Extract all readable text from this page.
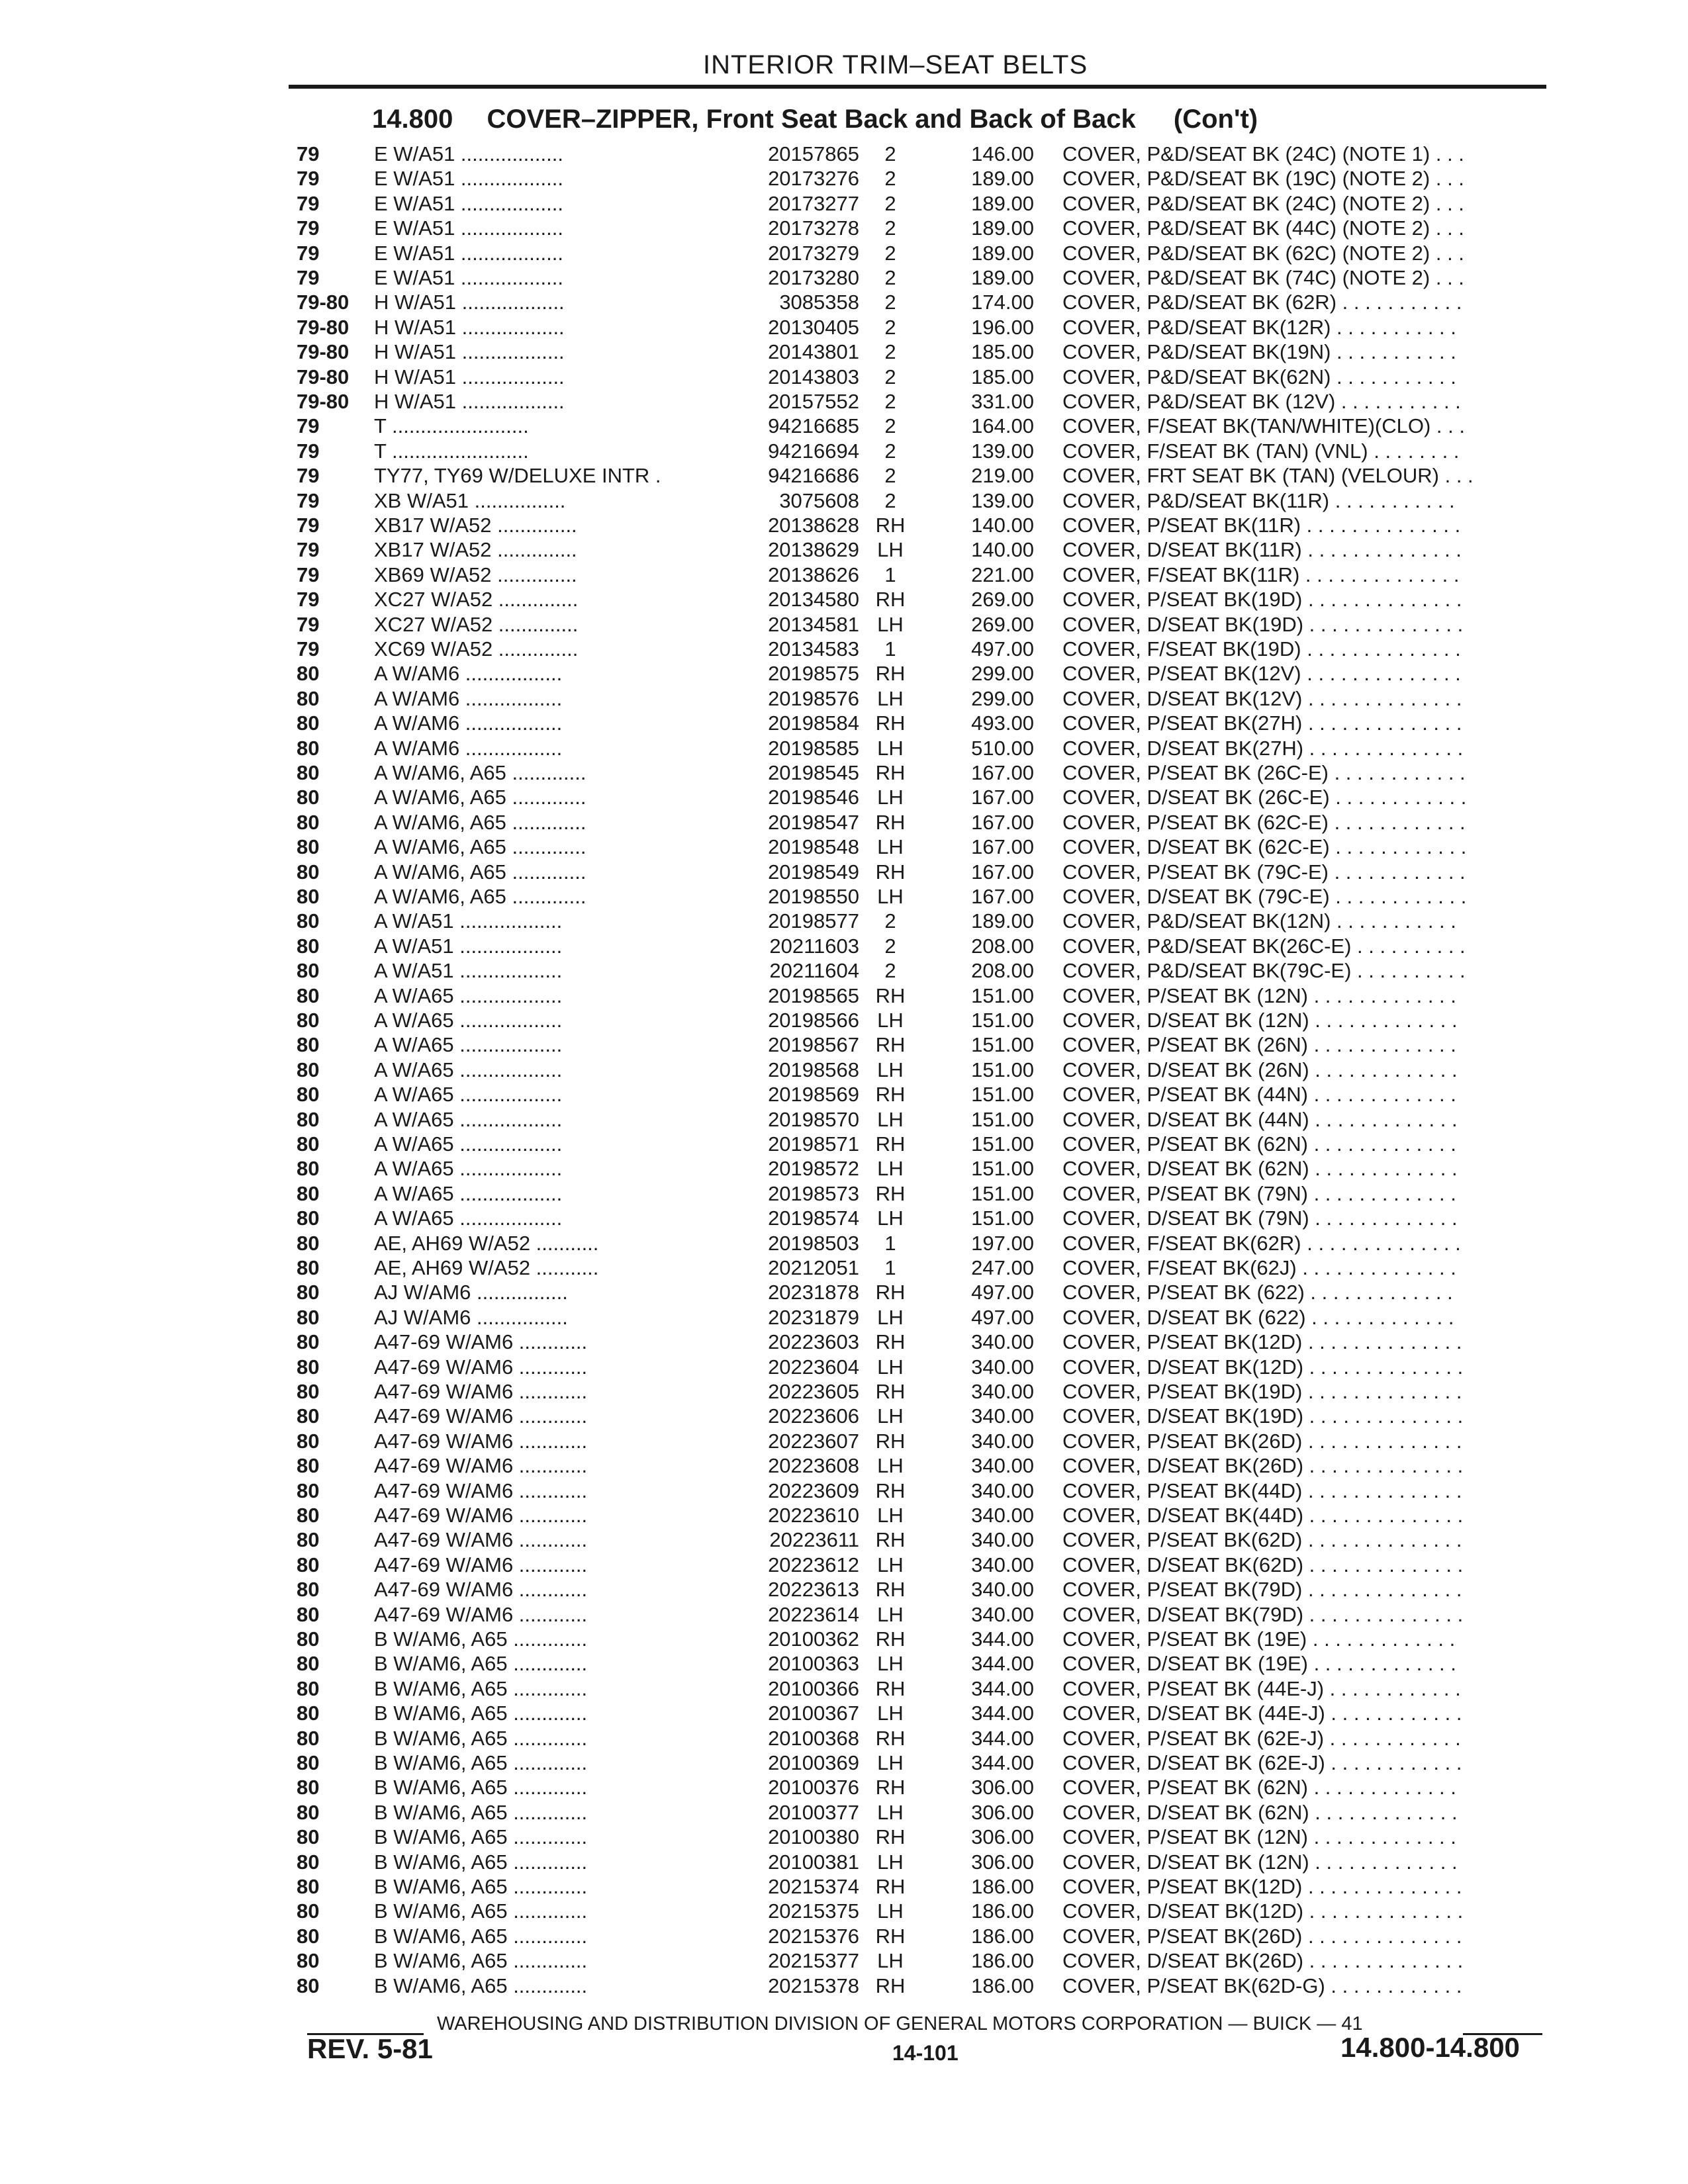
INTERIOR TRIM–SEAT BELTS
14.800 COVER–ZIPPER, Front Seat Back and Back of Back (Con't)
79	E W/A51 ..................	20157865	2	146.00 COVER, P&D/SEAT BK (24C) (NOTE 1) . . .
79	E W/A51 ..................	20173276	2	189.00 COVER, P&D/SEAT BK (19C) (NOTE 2) . . .
79	E W/A51 ..................	20173277	2	189.00 COVER, P&D/SEAT BK (24C) (NOTE 2) . . .
79	E W/A51 ..................	20173278	2	189.00 COVER, P&D/SEAT BK (44C) (NOTE 2) . . .
79	E W/A51 ..................	20173279	2	189.00 COVER, P&D/SEAT BK (62C) (NOTE 2) . . .
79	E W/A51 ..................	20173280	2	189.00 COVER, P&D/SEAT BK (74C) (NOTE 2) . . .
79-80 H W/A51 ..................	3085358	2	174.00 COVER, P&D/SEAT BK (62R) . . . . . . . . . . .
79-80 H W/A51 ..................	20130405	2	196.00 COVER, P&D/SEAT BK(12R) . . . . . . . . . . .
79-80 H W/A51 ..................	20143801	2	185.00 COVER, P&D/SEAT BK(19N) . . . . . . . . . . .
79-80 H W/A51 ..................	20143803	2	185.00 COVER, P&D/SEAT BK(62N) . . . . . . . . . . .
79-80 H W/A51 ..................	20157552	2	331.00 COVER, P&D/SEAT BK (12V) . . . . . . . . . . .
79	T ........................	94216685	2	164.00 COVER, F/SEAT BK(TAN/WHITE)(CLO) . . .
79	T ........................	94216694	2	139.00 COVER, F/SEAT BK (TAN) (VNL) . . . . . . . .
79	TY77, TY69 W/DELUXE INTR .	94216686	2	219.00 COVER, FRT SEAT BK (TAN) (VELOUR) . . .
79	XB W/A51 ................	3075608	2	139.00 COVER, P&D/SEAT BK(11R) . . . . . . . . . . .
79	XB17 W/A52 ..............	20138628 RH	140.00 COVER, P/SEAT BK(11R) . . . . . . . . . . . . . .
79	XB17 W/A52 ..............	20138629 LH	140.00 COVER, D/SEAT BK(11R) . . . . . . . . . . . . . .
79	XB69 W/A52 ..............	20138626	1	221.00 COVER, F/SEAT BK(11R) . . . . . . . . . . . . . .
79	XC27 W/A52 ..............	20134580 RH	269.00 COVER, P/SEAT BK(19D) . . . . . . . . . . . . . .
79	XC27 W/A52 ..............	20134581 LH	269.00 COVER, D/SEAT BK(19D) . . . . . . . . . . . . . .
79	XC69 W/A52 ..............	20134583	1	497.00 COVER, F/SEAT BK(19D) . . . . . . . . . . . . . .
80	A W/AM6 .................	20198575 RH	299.00 COVER, P/SEAT BK(12V) . . . . . . . . . . . . . .
80	A W/AM6 .................	20198576 LH	299.00 COVER, D/SEAT BK(12V) . . . . . . . . . . . . . .
80	A W/AM6 .................	20198584 RH	493.00 COVER, P/SEAT BK(27H) . . . . . . . . . . . . . .
80	A W/AM6 .................	20198585 LH	510.00 COVER, D/SEAT BK(27H) . . . . . . . . . . . . . .
80	A W/AM6, A65 .............	20198545 RH	167.00 COVER, P/SEAT BK (26C-E) . . . . . . . . . . . .
80	A W/AM6, A65 .............	20198546 LH	167.00 COVER, D/SEAT BK (26C-E) . . . . . . . . . . . .
80	A W/AM6, A65 .............	20198547 RH	167.00 COVER, P/SEAT BK (62C-E) . . . . . . . . . . . .
80	A W/AM6, A65 .............	20198548 LH	167.00 COVER, D/SEAT BK (62C-E) . . . . . . . . . . . .
80	A W/AM6, A65 .............	20198549 RH	167.00 COVER, P/SEAT BK (79C-E) . . . . . . . . . . . .
80	A W/AM6, A65 .............	20198550 LH	167.00 COVER, D/SEAT BK (79C-E) . . . . . . . . . . . .
80	A W/A51 ..................	20198577	2	189.00 COVER, P&D/SEAT BK(12N) . . . . . . . . . . .
80	A W/A51 ..................	20211603	2	208.00 COVER, P&D/SEAT BK(26C-E) . . . . . . . . . .
80	A W/A51 ..................	20211604	2	208.00 COVER, P&D/SEAT BK(79C-E) . . . . . . . . . .
80	A W/A65 ..................	20198565 RH	151.00 COVER, P/SEAT BK (12N) . . . . . . . . . . . . .
80	A W/A65 ..................	20198566 LH	151.00 COVER, D/SEAT BK (12N) . . . . . . . . . . . . .
80	A W/A65 ..................	20198567 RH	151.00 COVER, P/SEAT BK (26N) . . . . . . . . . . . . .
80	A W/A65 ..................	20198568 LH	151.00 COVER, D/SEAT BK (26N) . . . . . . . . . . . . .
80	A W/A65 ..................	20198569 RH	151.00 COVER, P/SEAT BK (44N) . . . . . . . . . . . . .
80	A W/A65 ..................	20198570 LH	151.00 COVER, D/SEAT BK (44N) . . . . . . . . . . . . .
80	A W/A65 ..................	20198571 RH	151.00 COVER, P/SEAT BK (62N) . . . . . . . . . . . . .
80	A W/A65 ..................	20198572 LH	151.00 COVER, D/SEAT BK (62N) . . . . . . . . . . . . .
80	A W/A65 ..................	20198573 RH	151.00 COVER, P/SEAT BK (79N) . . . . . . . . . . . . .
80	A W/A65 ..................	20198574 LH	151.00 COVER, D/SEAT BK (79N) . . . . . . . . . . . . .
80	AE, AH69 W/A52 ...........	20198503	1	197.00 COVER, F/SEAT BK(62R) . . . . . . . . . . . . . .
80	AE, AH69 W/A52 ...........	20212051	1	247.00 COVER, F/SEAT BK(62J) . . . . . . . . . . . . . .
80	AJ W/AM6 ................	20231878 RH	497.00 COVER, P/SEAT BK (622) . . . . . . . . . . . . .
80	AJ W/AM6 ................	20231879 LH	497.00 COVER, D/SEAT BK (622) . . . . . . . . . . . . .
80	A47-69 W/AM6 ............	20223603 RH	340.00 COVER, P/SEAT BK(12D) . . . . . . . . . . . . . .
80	A47-69 W/AM6 ............	20223604 LH	340.00 COVER, D/SEAT BK(12D) . . . . . . . . . . . . . .
80	A47-69 W/AM6 ............	20223605 RH	340.00 COVER, P/SEAT BK(19D) . . . . . . . . . . . . . .
80	A47-69 W/AM6 ............	20223606 LH	340.00 COVER, D/SEAT BK(19D) . . . . . . . . . . . . . .
80	A47-69 W/AM6 ............	20223607 RH	340.00 COVER, P/SEAT BK(26D) . . . . . . . . . . . . . .
80	A47-69 W/AM6 ............	20223608 LH	340.00 COVER, D/SEAT BK(26D) . . . . . . . . . . . . . .
80	A47-69 W/AM6 ............	20223609 RH	340.00 COVER, P/SEAT BK(44D) . . . . . . . . . . . . . .
80	A47-69 W/AM6 ............	20223610 LH	340.00 COVER, D/SEAT BK(44D) . . . . . . . . . . . . . .
80	A47-69 W/AM6 ............	20223611 RH	340.00 COVER, P/SEAT BK(62D) . . . . . . . . . . . . . .
80	A47-69 W/AM6 ............	20223612 LH	340.00 COVER, D/SEAT BK(62D) . . . . . . . . . . . . . .
80	A47-69 W/AM6 ............	20223613 RH	340.00 COVER, P/SEAT BK(79D) . . . . . . . . . . . . . .
80	A47-69 W/AM6 ............	20223614 LH	340.00 COVER, D/SEAT BK(79D) . . . . . . . . . . . . . .
80	B W/AM6, A65 .............	20100362 RH	344.00 COVER, P/SEAT BK (19E) . . . . . . . . . . . . .
80	B W/AM6, A65 .............	20100363 LH	344.00 COVER, D/SEAT BK (19E) . . . . . . . . . . . . .
80	B W/AM6, A65 .............	20100366 RH	344.00 COVER, P/SEAT BK (44E-J) . . . . . . . . . . . .
80	B W/AM6, A65 .............	20100367 LH	344.00 COVER, D/SEAT BK (44E-J) . . . . . . . . . . . .
80	B W/AM6, A65 .............	20100368 RH	344.00 COVER, P/SEAT BK (62E-J) . . . . . . . . . . . .
80	B W/AM6, A65 .............	20100369 LH	344.00 COVER, D/SEAT BK (62E-J) . . . . . . . . . . . .
80	B W/AM6, A65 .............	20100376 RH	306.00 COVER, P/SEAT BK (62N) . . . . . . . . . . . . .
80	B W/AM6, A65 .............	20100377 LH	306.00 COVER, D/SEAT BK (62N) . . . . . . . . . . . . .
80	B W/AM6, A65 .............	20100380 RH	306.00 COVER, P/SEAT BK (12N) . . . . . . . . . . . . .
80	B W/AM6, A65 .............	20100381 LH	306.00 COVER, D/SEAT BK (12N) . . . . . . . . . . . . .
80	B W/AM6, A65 .............	20215374 RH	186.00 COVER, P/SEAT BK(12D) . . . . . . . . . . . . . .
80	B W/AM6, A65 .............	20215375 LH	186.00 COVER, D/SEAT BK(12D) . . . . . . . . . . . . . .
80	B W/AM6, A65 .............	20215376 RH	186.00 COVER, P/SEAT BK(26D) . . . . . . . . . . . . . .
80	B W/AM6, A65 .............	20215377 LH	186.00 COVER, D/SEAT BK(26D) . . . . . . . . . . . . . .
80	B W/AM6, A65 .............	20215378 RH	186.00 COVER, P/SEAT BK(62D-G) . . . . . . . . . . . .
WAREHOUSING AND DISTRIBUTION DIVISION OF GENERAL MOTORS CORPORATION — BUICK — 41
REV. 5-81	14-101	14.800-14.800
